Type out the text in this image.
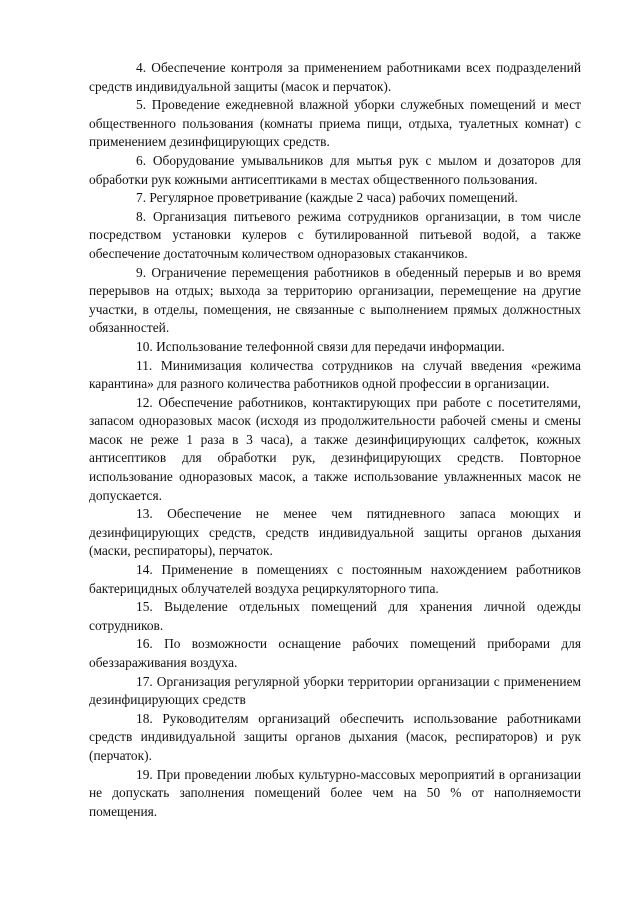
4. Обеспечение контроля за применением работниками всех подразделений средств индивидуальной защиты (масок и перчаток).

5. Проведение ежедневной влажной уборки служебных помещений и мест общественного пользования (комнаты приема пищи, отдыха, туалетных комнат) с применением дезинфицирующих средств.

6. Оборудование умывальников для мытья рук с мылом и дозаторов для обработки рук кожными антисептиками в местах общественного пользования.

7. Регулярное проветривание (каждые 2 часа) рабочих помещений.

8. Организация питьевого режима сотрудников организации, в том числе посредством установки кулеров с бутилированной питьевой водой, а также обеспечение достаточным количеством одноразовых стаканчиков.

9. Ограничение перемещения работников в обеденный перерыв и во время перерывов на отдых; выхода за территорию организации, перемещение на другие участки, в отделы, помещения, не связанные с выполнением прямых должностных обязанностей.

10. Использование телефонной связи для передачи информации.

11. Минимизация количества сотрудников на случай введения «режима карантина» для разного количества работников одной профессии в организации.

12. Обеспечение работников, контактирующих при работе с посетителями, запасом одноразовых масок (исходя из продолжительности рабочей смены и смены масок не реже 1 раза в 3 часа), а также дезинфицирующих салфеток, кожных антисептиков для обработки рук, дезинфицирующих средств. Повторное использование одноразовых масок, а также использование увлажненных масок не допускается.

13. Обеспечение не менее чем пятидневного запаса моющих и дезинфицирующих средств, средств индивидуальной защиты органов дыхания (маски, респираторы), перчаток.

14. Применение в помещениях с постоянным нахождением работников бактерицидных облучателей воздуха рециркуляторного типа.

15. Выделение отдельных помещений для хранения личной одежды сотрудников.

16. По возможности оснащение рабочих помещений приборами для обеззараживания воздуха.

17. Организация регулярной уборки территории организации с применением дезинфицирующих средств

18. Руководителям организаций обеспечить использование работниками средств индивидуальной защиты органов дыхания (масок, респираторов) и рук (перчаток).

19. При проведении любых культурно-массовых мероприятий в организации не допускать заполнения помещений более чем на 50 % от наполняемости помещения.
